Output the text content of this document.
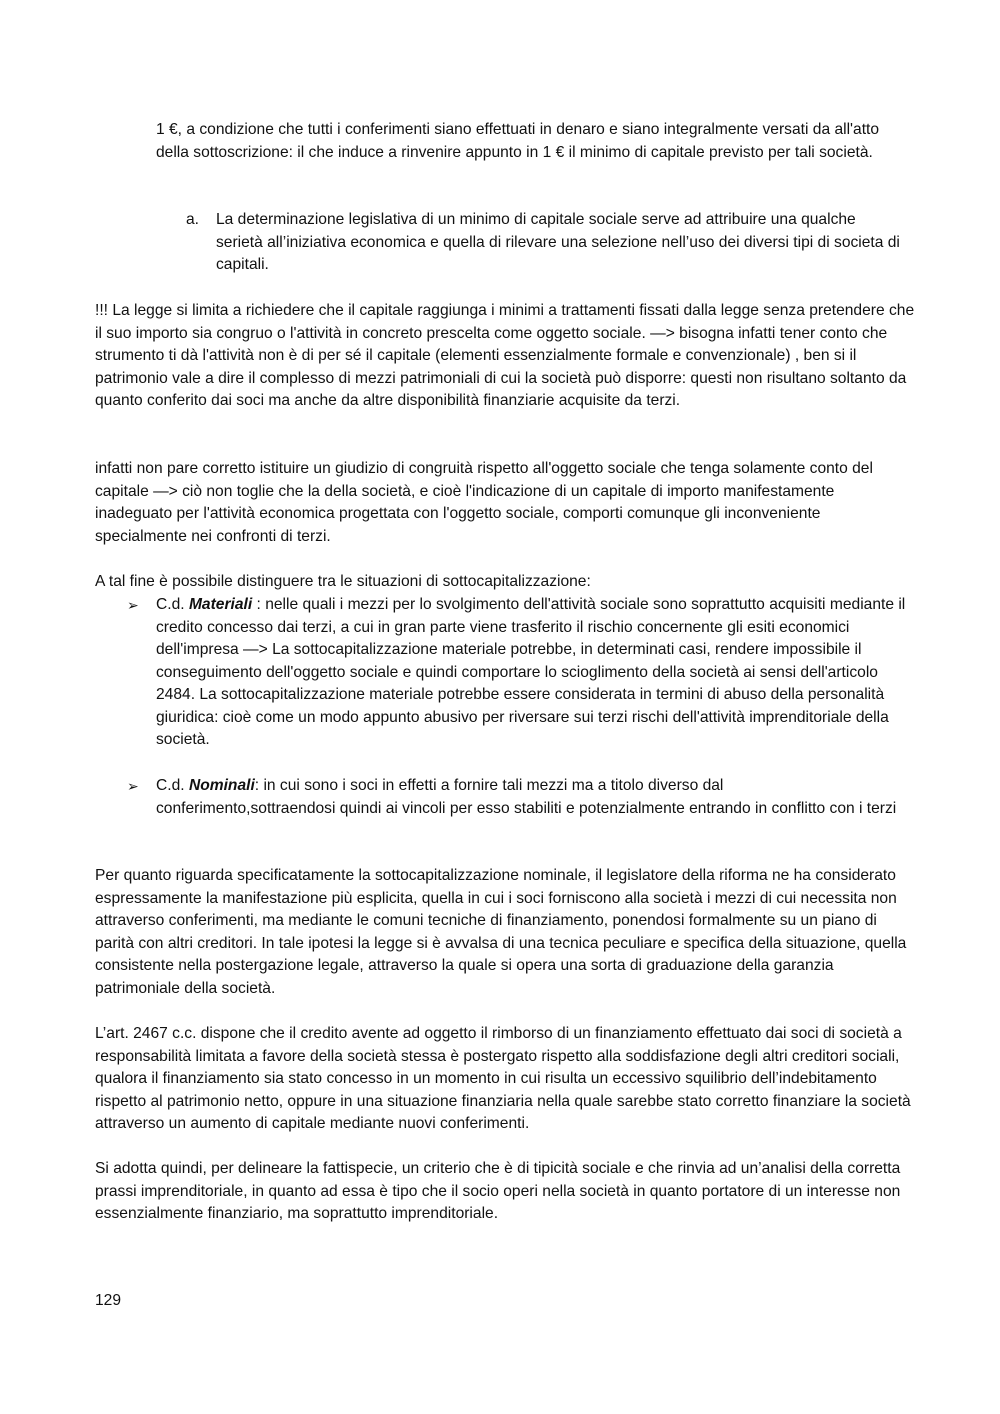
1 €, a condizione che tutti i conferimenti siano effettuati in denaro e siano integralmente versati da all'atto della sottoscrizione: il che induce a rinvenire appunto in 1 € il minimo di capitale previsto per tali società.

a. La determinazione legislativa di un minimo di capitale sociale serve ad attribuire una qualche serietà all’iniziativa economica e quella di rilevare una selezione nell’uso dei diversi tipi di societa di capitali.

!!! La legge si limita a richiedere che il capitale raggiunga i minimi a trattamenti fissati dalla legge senza pretendere che il suo importo sia congruo o l'attività in concreto prescelta come oggetto sociale. —> bisogna infatti tener conto che strumento ti dà l'attività non è di per sé il capitale (elementi essenzialmente formale e convenzionale) , ben si il patrimonio vale a dire il complesso di mezzi patrimoniali di cui la società può disporre: questi non risultano soltanto da quanto conferito dai soci ma anche da altre disponibilità finanziarie acquisite da terzi.

infatti non pare corretto istituire un giudizio di congruità rispetto all'oggetto sociale che tenga solamente conto del capitale —> ciò non toglie che la della società, e cioè l'indicazione di un capitale di importo manifestamente inadeguato per l'attività economica progettata con l'oggetto sociale, comporti comunque gli inconveniente specialmente nei confronti di terzi.

A tal fine è possibile distinguere tra le situazioni di sottocapitalizzazione:

➢ C.d. Materiali : nelle quali i mezzi per lo svolgimento dell'attività sociale sono soprattutto acquisiti mediante il credito concesso dai terzi, a cui in gran parte viene trasferito il rischio concernente gli esiti economici dell'impresa —> La sottocapitalizzazione materiale potrebbe, in determinati casi, rendere impossibile il conseguimento dell'oggetto sociale e quindi comportare lo scioglimento della società ai sensi dell'articolo 2484. La sottocapitalizzazione materiale potrebbe essere considerata in termini di abuso della personalità giuridica: cioè come un modo appunto abusivo per riversare sui terzi rischi dell'attività imprenditoriale della società.
➢ C.d. Nominali: in cui sono i soci in effetti a fornire tali mezzi ma a titolo diverso dal conferimento,sottraendosi quindi ai vincoli per esso stabiliti e potenzialmente entrando in conflitto con i terzi

Per quanto riguarda specificatamente la sottocapitalizzazione nominale, il legislatore della riforma ne ha considerato espressamente la manifestazione più esplicita, quella in cui i soci forniscono alla società i mezzi di cui necessita non attraverso conferimenti, ma mediante le comuni tecniche di finanziamento, ponendosi formalmente su un piano di parità con altri creditori. In tale ipotesi la legge si è avvalsa di una tecnica peculiare e specifica della situazione, quella consistente nella postergazione legale, attraverso la quale si opera una sorta di graduazione della garanzia patrimoniale della società.

L’art. 2467 c.c. dispone che il credito avente ad oggetto il rimborso di un finanziamento effettuato dai soci di società a responsabilità limitata a favore della società stessa è postergato rispetto alla soddisfazione degli altri creditori sociali, qualora il finanziamento sia stato concesso in un momento in cui risulta un eccessivo squilibrio dell’indebitamento rispetto al patrimonio netto, oppure in una situazione finanziaria nella quale sarebbe stato corretto finanziare la società attraverso un aumento di capitale mediante nuovi conferimenti.

Si adotta quindi, per delineare la fattispecie, un criterio che è di tipicità sociale e che rinvia ad un’analisi della corretta prassi imprenditoriale, in quanto ad essa è tipo che il socio operi nella società in quanto portatore di un interesse non essenzialmente finanziario, ma soprattutto imprenditoriale.

129
